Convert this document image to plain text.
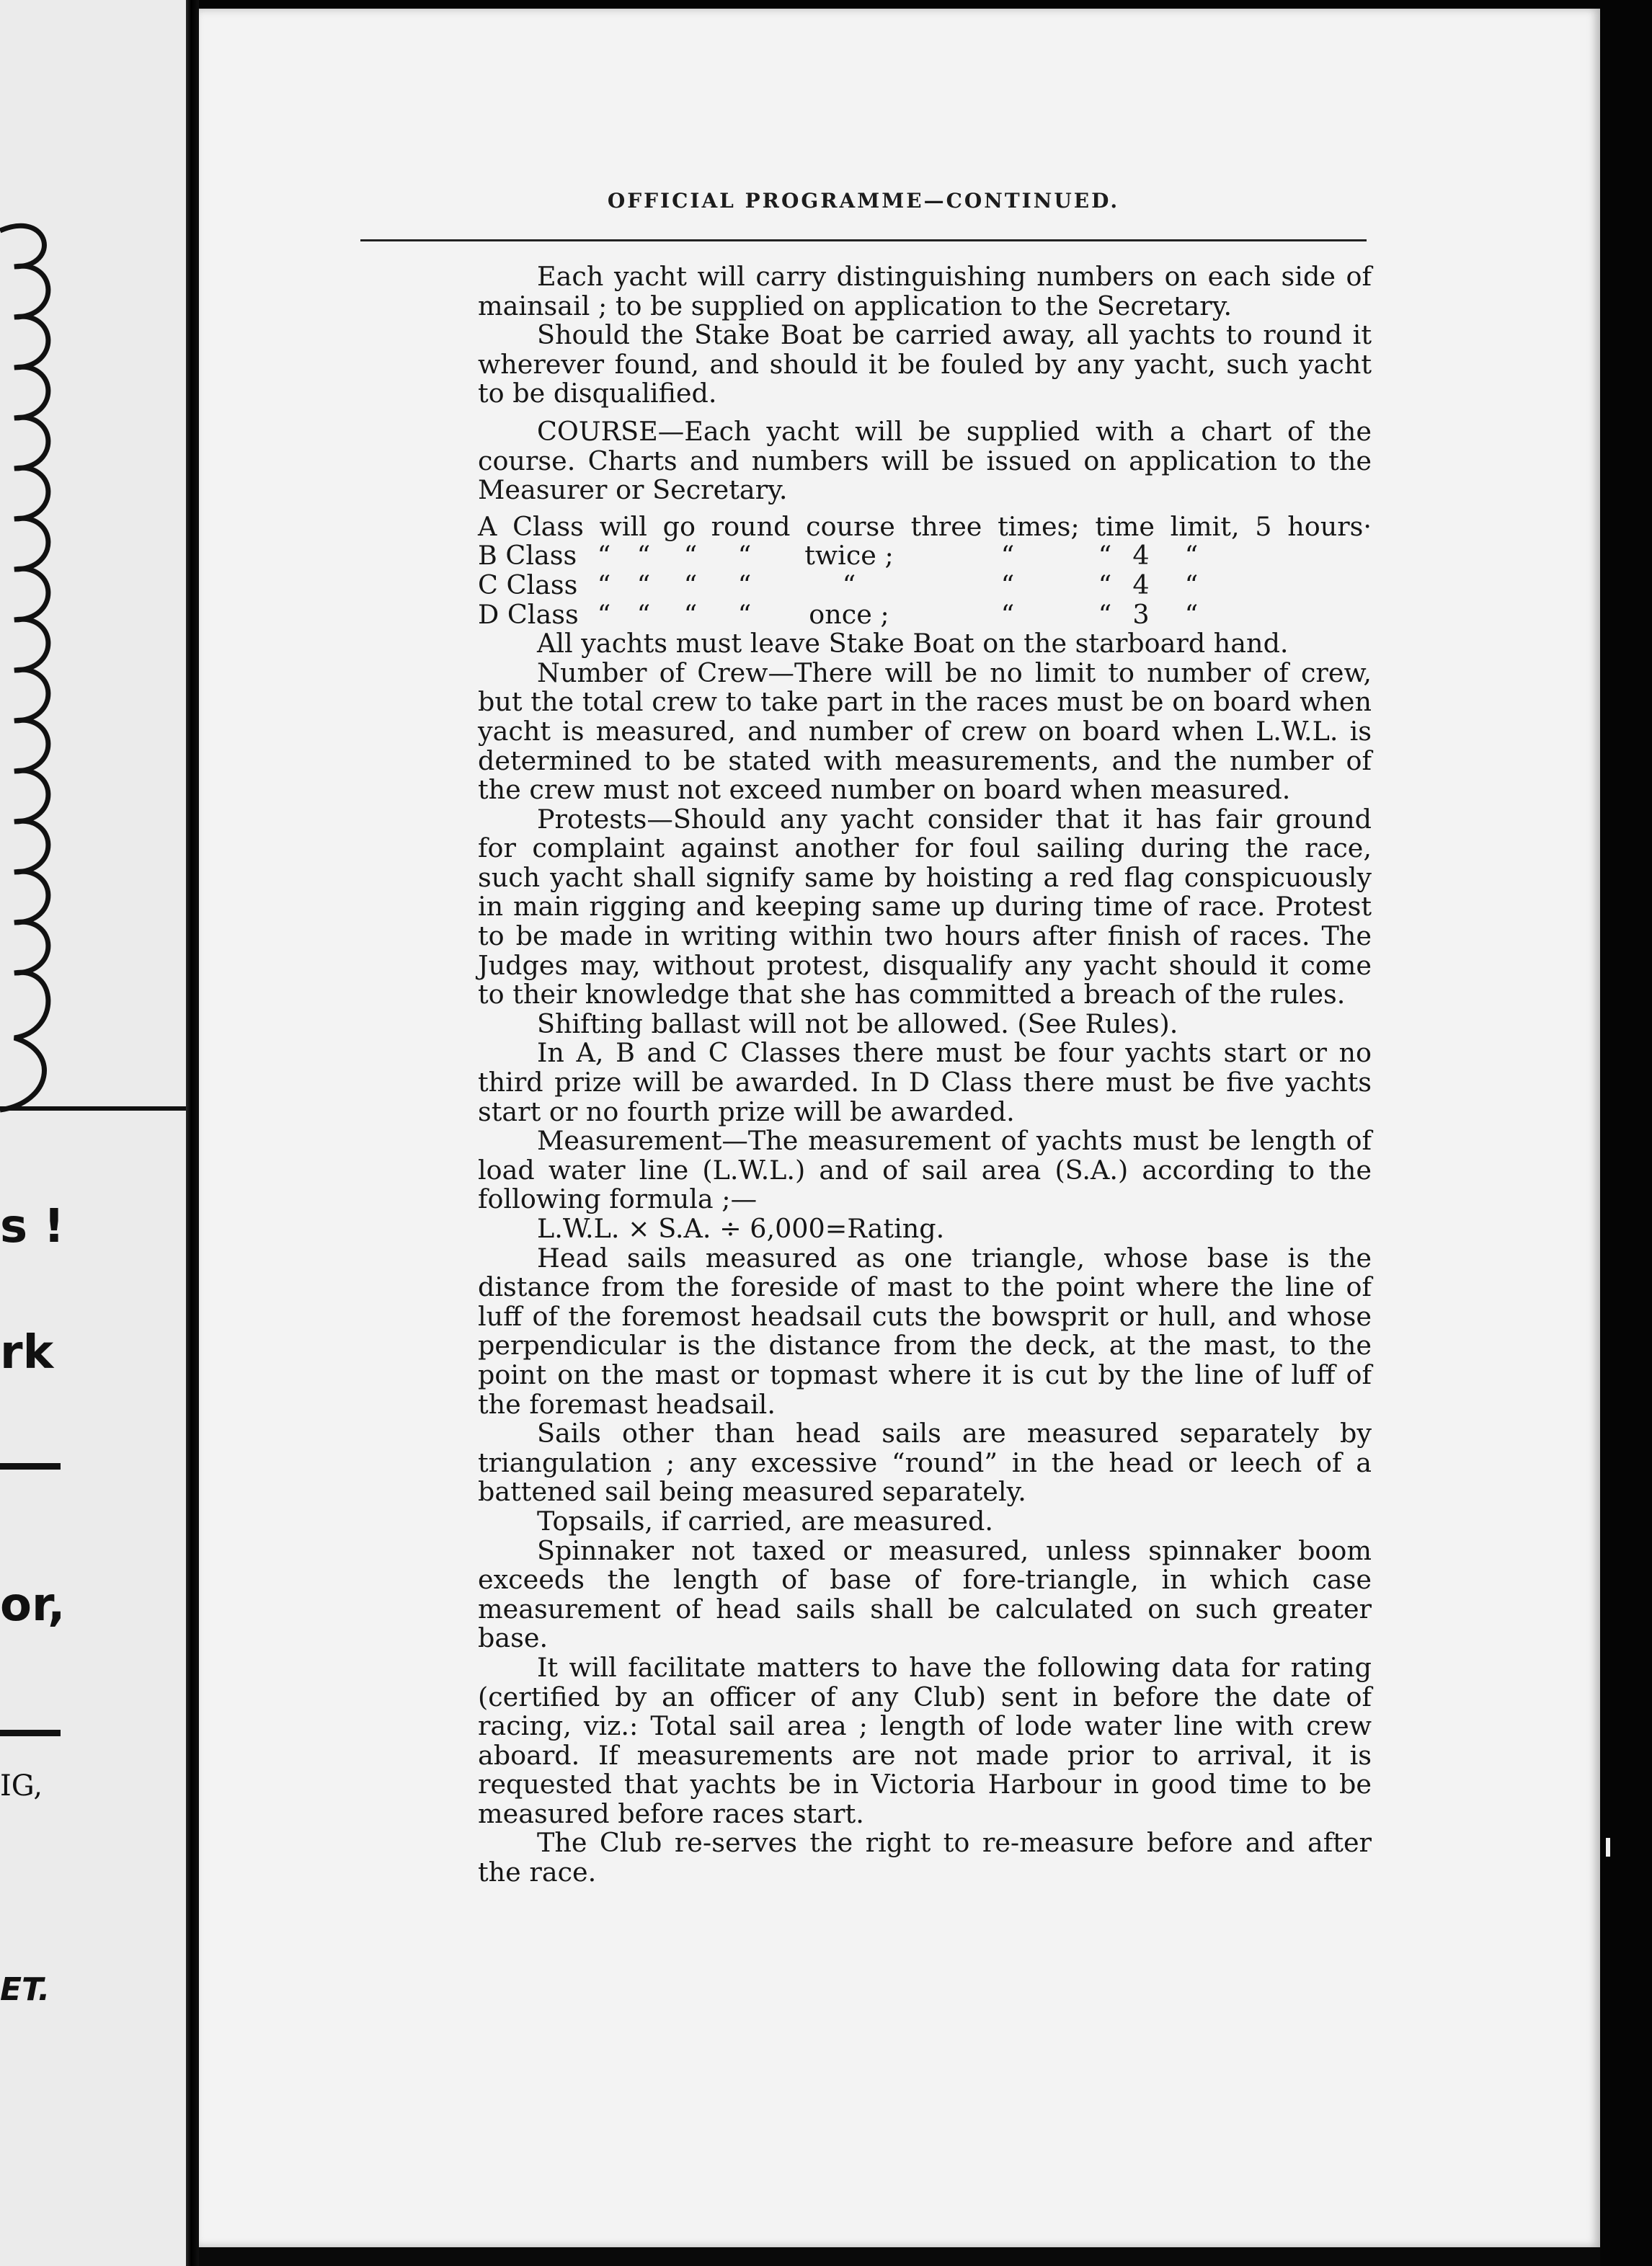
s !
rk
or,
IG,
ET.
OFFICIAL PROGRAMME—CONTINUED.

Each yacht will carry distinguishing numbers on each side of mainsail ; to be supplied on application to the Secretary.

Should the Stake Boat be carried away, all yachts to round it wherever found, and should it be fouled by any yacht, such yacht to be disqualified.

COURSE—Each yacht will be supplied with a chart of the course. Charts and numbers will be issued on application to the Measurer or Secretary.

A Class will go round course three times; time limit, 5 hours·
B Class “ “	“	“	twice ;	“	“ 4	“
C Class “ “	“	“	“	“	“ 4	“
D Class “ “	“	“	once ;	“	“ 3	“

All yachts must leave Stake Boat on the starboard hand.

Number of Crew—There will be no limit to number of crew, but the total crew to take part in the races must be on board when yacht is measured, and number of crew on board when L.W.L. is determined to be stated with measurements, and the number of the crew must not exceed number on board when measured.

Protests—Should any yacht consider that it has fair ground for complaint against another for foul sailing during the race, such yacht shall signify same by hoisting a red flag conspicuously in main rigging and keeping same up during time of race. Protest to be made in writing within two hours after finish of races. The Judges may, without protest, disqualify any yacht should it come to their knowledge that she has committed a breach of the rules.

Shifting ballast will not be allowed. (See Rules).

In A, B and C Classes there must be four yachts start or no third prize will be awarded. In D Class there must be five yachts start or no fourth prize will be awarded.

Measurement—The measurement of yachts must be length of load water line (L.W.L.) and of sail area (S.A.) according to the following formula ;—

L.W.L. × S.A. ÷ 6,000=Rating.

Head sails measured as one triangle, whose base is the distance from the foreside of mast to the point where the line of luff of the foremost headsail cuts the bowsprit or hull, and whose perpendicular is the distance from the deck, at the mast, to the point on the mast or topmast where it is cut by the line of luff of the foremast headsail.

Sails other than head sails are measured separately by triangulation ; any excessive “round” in the head or leech of a battened sail being measured separately.

Topsails, if carried, are measured.

Spinnaker not taxed or measured, unless spinnaker boom exceeds the length of base of fore-triangle, in which case measurement of head sails shall be calculated on such greater base.

It will facilitate matters to have the following data for rating (certified by an officer of any Club) sent in before the date of racing, viz.: Total sail area ; length of lode water line with crew aboard. If measurements are not made prior to arrival, it is requested that yachts be in Victoria Harbour in good time to be measured before races start.

The Club re-serves the right to re-measure before and after the race.
